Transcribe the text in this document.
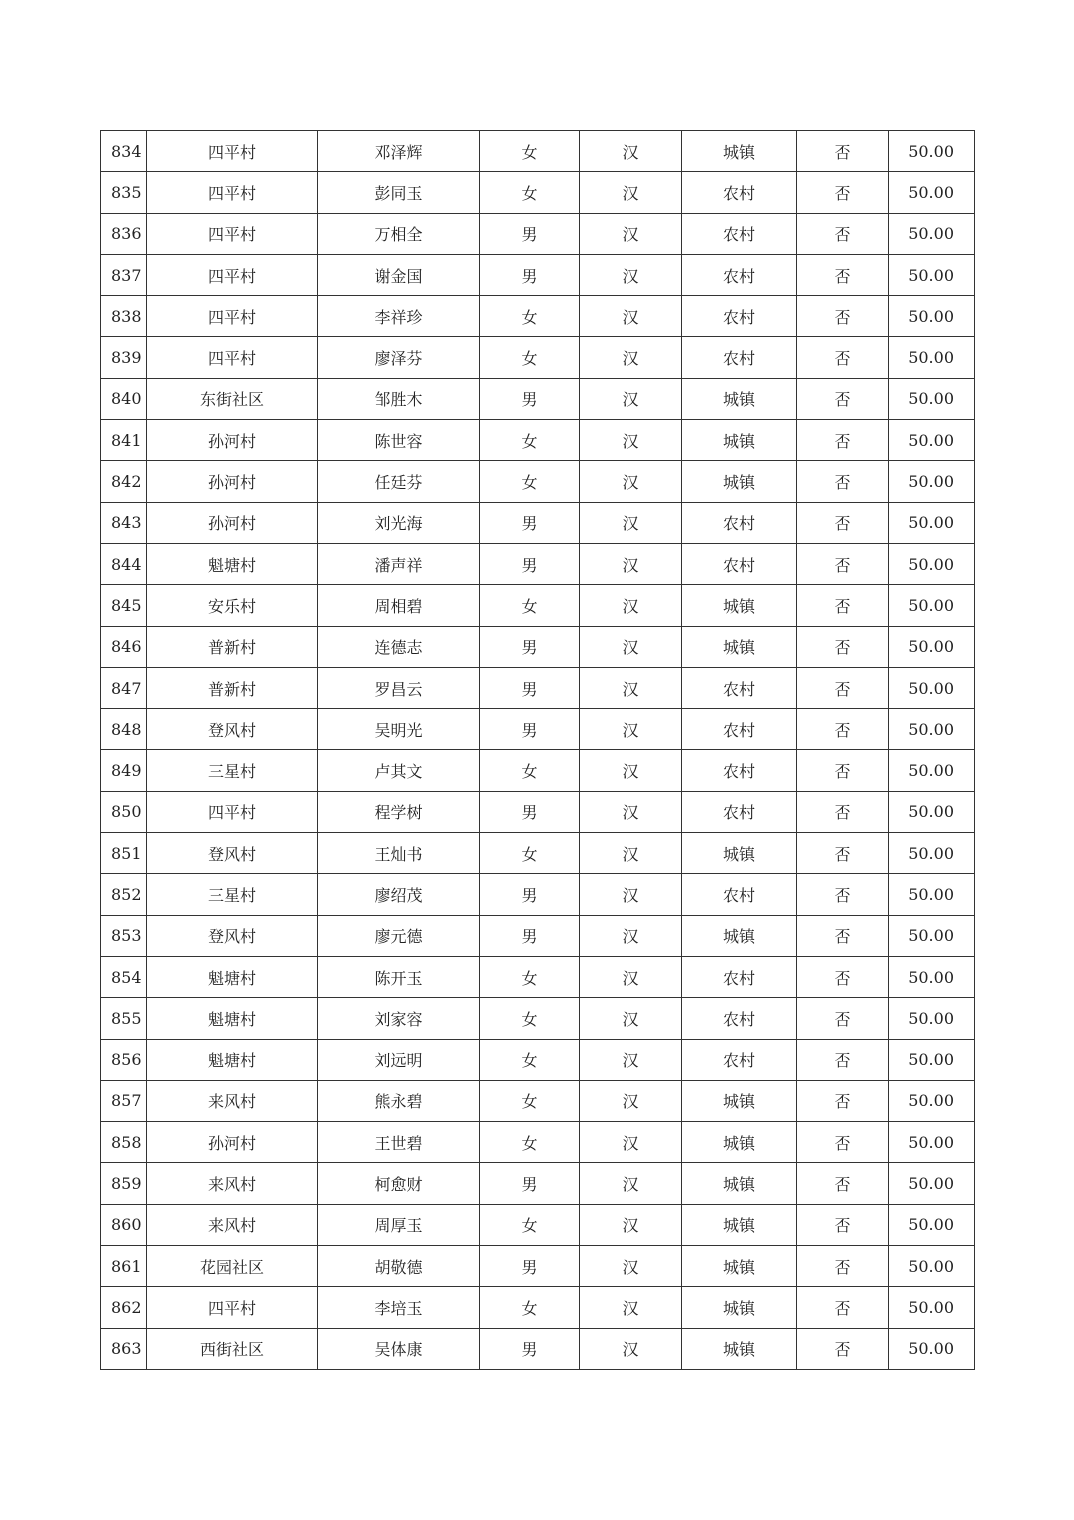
834	四平村	邓泽辉	女	汉	城镇	否	50.00
835	四平村	彭同玉	女	汉	农村	否	50.00
836	四平村	万相全	男	汉	农村	否	50.00
837	四平村	谢金国	男	汉	农村	否	50.00
838	四平村	李祥珍	女	汉	农村	否	50.00
839	四平村	廖泽芬	女	汉	农村	否	50.00
840	东街社区	邹胜木	男	汉	城镇	否	50.00
841	孙河村	陈世容	女	汉	城镇	否	50.00
842	孙河村	任廷芬	女	汉	城镇	否	50.00
843	孙河村	刘光海	男	汉	农村	否	50.00
844	魁塘村	潘声祥	男	汉	农村	否	50.00
845	安乐村	周相碧	女	汉	城镇	否	50.00
846	普新村	连德志	男	汉	城镇	否	50.00
847	普新村	罗昌云	男	汉	农村	否	50.00
848	登风村	吴明光	男	汉	农村	否	50.00
849	三星村	卢其文	女	汉	农村	否	50.00
850	四平村	程学树	男	汉	农村	否	50.00
851	登风村	王灿书	女	汉	城镇	否	50.00
852	三星村	廖绍茂	男	汉	农村	否	50.00
853	登风村	廖元德	男	汉	城镇	否	50.00
854	魁塘村	陈开玉	女	汉	农村	否	50.00
855	魁塘村	刘家容	女	汉	农村	否	50.00
856	魁塘村	刘远明	女	汉	农村	否	50.00
857	来风村	熊永碧	女	汉	城镇	否	50.00
858	孙河村	王世碧	女	汉	城镇	否	50.00
859	来风村	柯愈财	男	汉	城镇	否	50.00
860	来风村	周厚玉	女	汉	城镇	否	50.00
861	花园社区	胡敬德	男	汉	城镇	否	50.00
862	四平村	李培玉	女	汉	城镇	否	50.00
863	西街社区	吴体康	男	汉	城镇	否	50.00
